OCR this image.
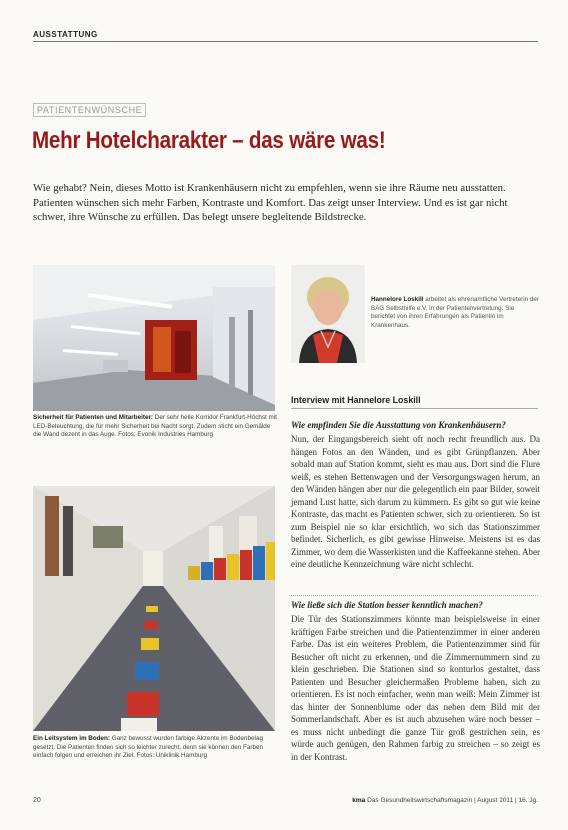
AUSSTATTUNG
PATIENTENWÜNSCHE
Mehr Hotelcharakter – das wäre was!

Wie gehabt? Nein, dieses Motto ist Krankenhäusern nicht zu empfehlen, wenn sie ihre Räume neu ausstatten. Patienten wünschen sich mehr Farben, Kontraste und Komfort. Das zeigt unser Interview. Und es ist gar nicht schwer, ihre Wünsche zu erfüllen. Das belegt unsere begleitende Bildstrecke.

Sicherheit für Patienten und Mitarbeiter: Der sehr helle Korridor Frankfurt-Höchst mit LED-Beleuchtung, die für mehr Sicherheit bei Nacht sorgt. Zudem sticht ein Gemälde die Wand dezent in das Auge. Fotos: Evonik Industries Hamburg
Ein Leitsystem im Boden: Ganz bewusst wurden farbige Akzente im Bodenbelag gesetzt. Die Patienten finden sich so leichter zurecht, denn sie können den Farben einfach folgen und erreichen ihr Ziel. Fotos: Uniklinik Hamburg
Hannelore Loskill arbeitet als ehrenamtliche Vertreterin der BAG Selbsthilfe e.V. in der Patientenvertretung. Sie berichtet von ihren Erfahrungen als Patientin im Krankenhaus.
Interview mit Hannelore Loskill
Wie empfinden Sie die Ausstattung von Krankenhäusern?

Nun, der Eingangsbereich sieht oft noch recht freundlich aus. Da hängen Fotos an den Wänden, und es gibt Grünpflanzen. Aber sobald man auf Station kommt, sieht es mau aus. Dort sind die Flure weiß, es stehen Bettenwagen und der Versorgungswagen herum, an den Wänden hängen aber nur die gelegentlich ein paar Bilder, soweit jemand Lust hatte, sich darum zu kümmern. Es gibt so gut wie keine Kontraste, das macht es Patienten schwer, sich zu orientieren. So ist zum Beispiel nie so klar ersichtlich, wo sich das Stationszimmer befindet. Sicherlich, es gibt gewisse Hinweise. Meistens ist es das Zimmer, wo dem die Wasserkisten und die Kaffeekanne stehen. Aber eine deutliche Kennzeichnung wäre nicht schlecht.

Wie ließe sich die Station besser kenntlich machen?

Die Tür des Stationszimmers könnte man beispielsweise in einer kräftigen Farbe streichen und die Patientenzimmer in einer anderen Farbe. Das ist ein weiteres Problem, die Patientenzimmer sind für Besucher oft nicht zu erkennen, und die Zimmernummern sind zu klein geschrieben. Die Stationen sind so konturlos gestaltet, dass Patienten und Besucher gleichermaßen Probleme haben, sich zu orientieren. Es ist noch einfacher, wenn man weiß: Mein Zimmer ist das hinter der Sonnenblume oder das neben dem Bild mit der Sommerlandschaft. Aber es ist auch abzusehen wäre noch besser – es muss nicht unbedingt die ganze Tür groß gestrichen sein, es würde auch genügen, den Rahmen farbig zu streichen – so zeigt es in der Kontrast.

20	kma Das Gesundheitswirtschaftsmagazin | August 2011 | 16. Jg.
